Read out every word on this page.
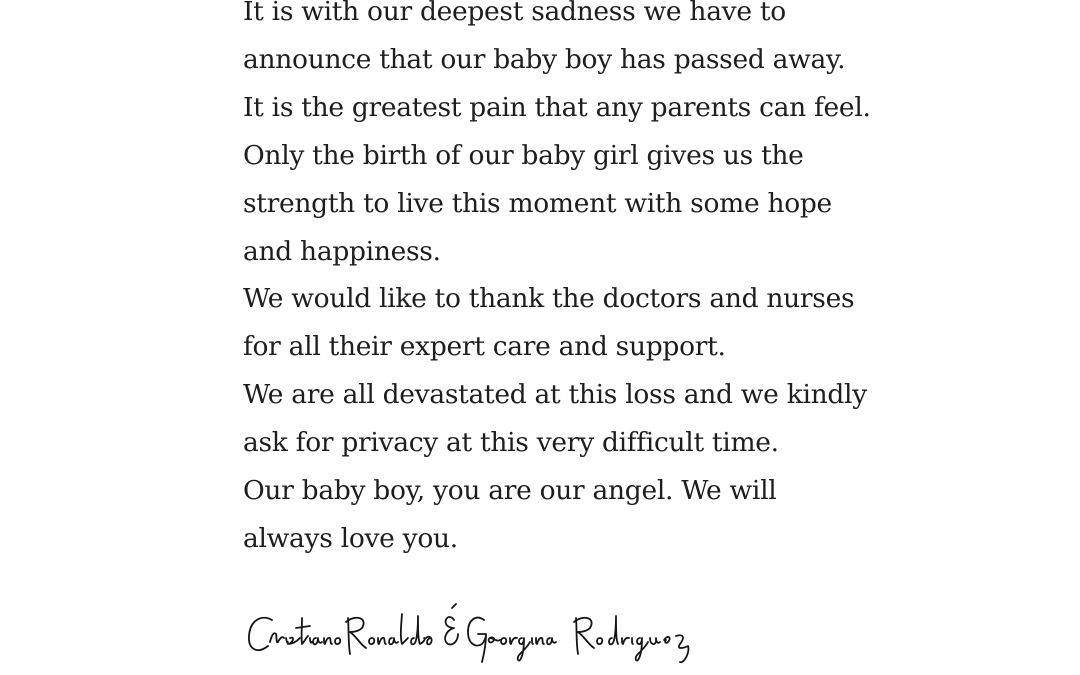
It is with our deepest sadness we have to
announce that our baby boy has passed away.
It is the greatest pain that any parents can feel.
Only the birth of our baby girl gives us the
strength to live this moment with some hope
and happiness.
We would like to thank the doctors and nurses
for all their expert care and support.
We are all devastated at this loss and we kindly
ask for privacy at this very difficult time.
Our baby boy, you are our angel. We will
always love you.
